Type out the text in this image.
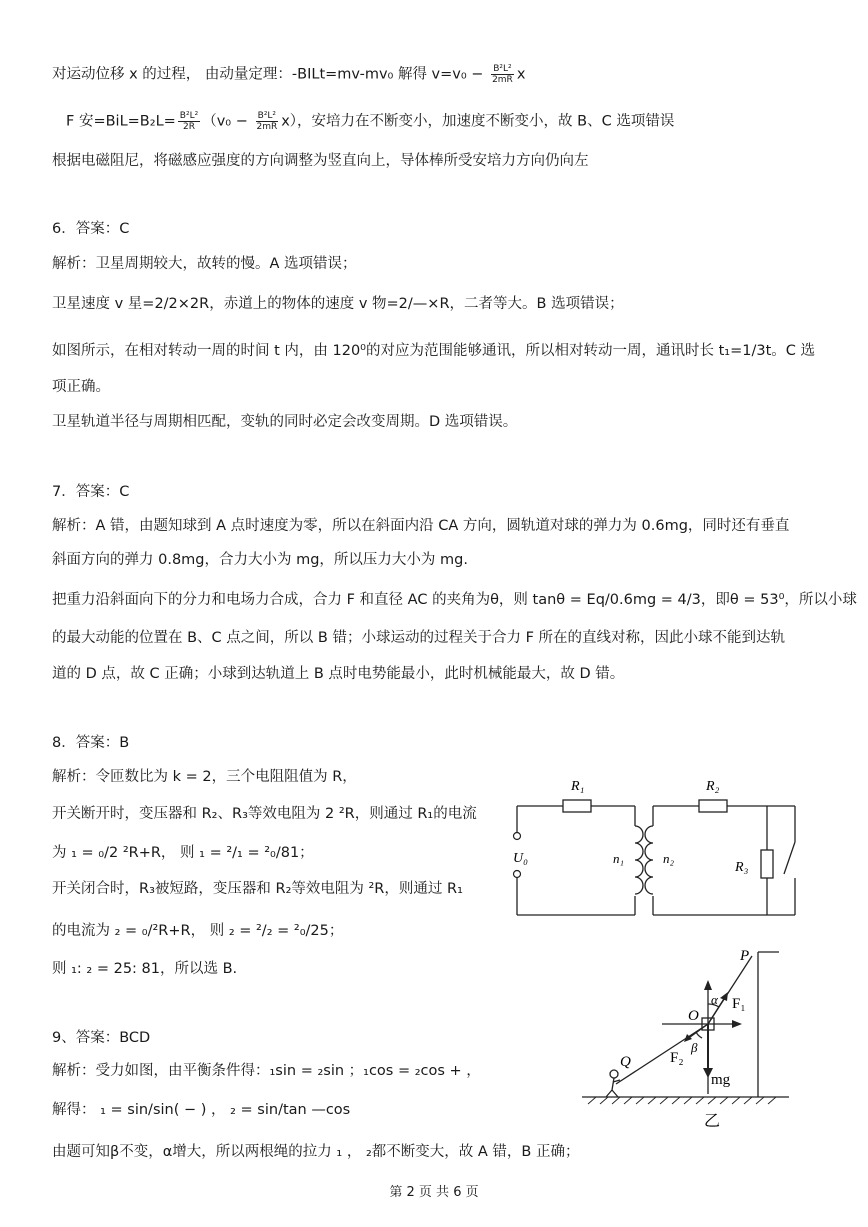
对运动位移 x 的过程， 由动量定理：-BILt=mv-mv₀ 解得 $v=v_0 - \frac{\text{B²L²}}{2mR}$ x
F 安$=BiL=B_2L= \frac{\text{B²L²}}{2R} (v_0 - \frac{\text{B²L²}}{2mR} x)$，安培力在不断变小，加速度不断变小，故 B、C 选项错误
根据电磁阻尼，将磁感应强度的方向调整为竖直向上，导体棒所受安培力方向仍向左
6．答案：C
解析：卫星周期较大，故转的慢。A 选项错误；
卫星速度 v 星=2/2×2R，赤道上的物体的速度 v 物=2/—×R，二者等大。B 选项错误；
如图所示，在相对转动一周的时间 t 内，由 120⁰的对应为范围能够通讯，所以相对转动一周，通讯时长 t₁=1/3t。C 选
项正确。
卫星轨道半径与周期相匹配，变轨的同时必定会改变周期。D 选项错误。
7．答案：C
解析：A 错，由题知球到 A 点时速度为零，所以在斜面内沿 CA 方向，圆轨道对球的弹力为 0.6mg，同时还有垂直
斜面方向的弹力 0.8mg，合力大小为 mg，所以压力大小为 mg.
把重力沿斜面向下的分力和电场力合成，合力 F 和直径 AC 的夹角为θ，则 tanθ = Eq/0.6mg = 4/3，即θ = 53⁰，所以小球
的最大动能的位置在 B、C 点之间，所以 B 错；小球运动的过程关于合力 F 所在的直线对称，因此小球不能到达轨
道的 D 点，故 C 正确；小球到达轨道上 B 点时电势能最小，此时机械能最大，故 D 错。
8．答案：B
解析：令匝数比为 k = 2，三个电阻阻值为 R，
开关断开时，变压器和 R₂、R₃等效电阻为 2 ²R，则通过 R₁的电流
为 ₁ = ₀/2 ²R+R， 则 ₁ = ²/₁ = ²₀/81；
开关闭合时，R₃被短路，变压器和 R₂等效电阻为 ²R，则通过 R₁
的电流为 ₂ = ₀/²R+R， 则 ₂ = ²/₂ = ²₀/25；
则 ₁: ₂ = 25: 81，所以选 B.
9、答案：BCD
解析：受力如图，由平衡条件得：₁sin = ₂sin ；₁cos = ₂cos + ，
解得： ₁ = sin/sin( − ) ， ₂ = sin/tan —cos
由题可知β不变，α增大，所以两根绳的拉力 ₁ ， ₂都不断变大，故 A 错，B 正确；
R₁	R₂
R₃
U₀	n₁	n₂
P
O
Q
α
β
F₁
F₂
mg
乙
第 2 页 共 6 页
